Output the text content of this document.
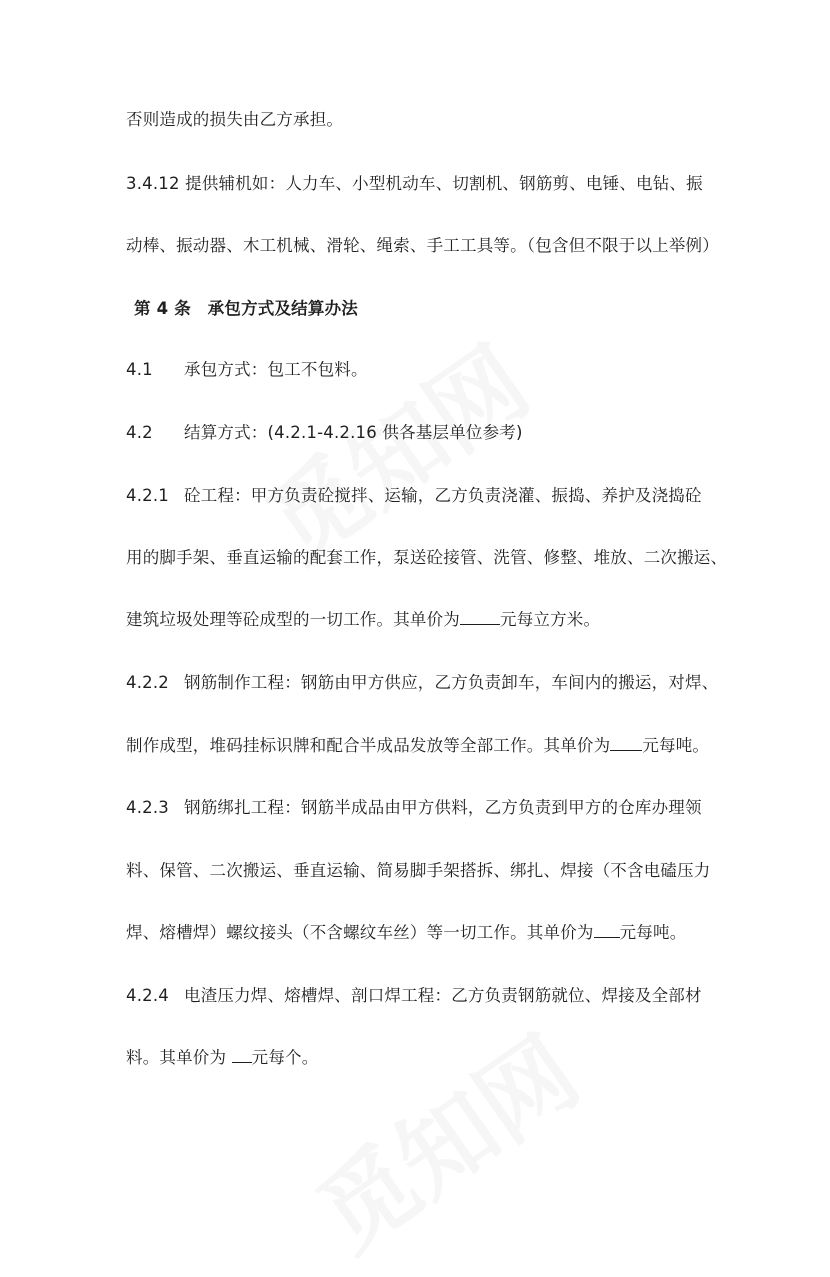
否则造成的损失由乙方承担。
3.4.12 提供辅机如：人力车、小型机动车、切割机、钢筋剪、电锤、电钻、振
动棒、振动器、木工机械、滑轮、绳索、手工工具等。（包含但不限于以上举例）
第 4 条　承包方式及结算办法
4.1 承包方式：包工不包料。
4.2 结算方式：(4.2.1-4.2.16 供各基层单位参考)
4.2.1 砼工程：甲方负责砼搅拌、运输，乙方负责浇灌、振捣、养护及浇捣砼
用的脚手架、垂直运输的配套工作，泵送砼接管、洗管、修整、堆放、二次搬运、
建筑垃圾处理等砼成型的一切工作。其单价为 元每立方米。
4.2.2 钢筋制作工程：钢筋由甲方供应，乙方负责卸车，车间内的搬运，对焊、
制作成型，堆码挂标识牌和配合半成品发放等全部工作。其单价为 元每吨。
4.2.3 钢筋绑扎工程：钢筋半成品由甲方供料，乙方负责到甲方的仓库办理领
料、保管、二次搬运、垂直运输、简易脚手架搭拆、绑扎、焊接（不含电磕压力
焊、熔槽焊）螺纹接头（不含螺纹车丝）等一切工作。其单价为 元每吨。
4.2.4 电渣压力焊、熔槽焊、剖口焊工程：乙方负责钢筋就位、焊接及全部材
料。其单价为 元每个。
